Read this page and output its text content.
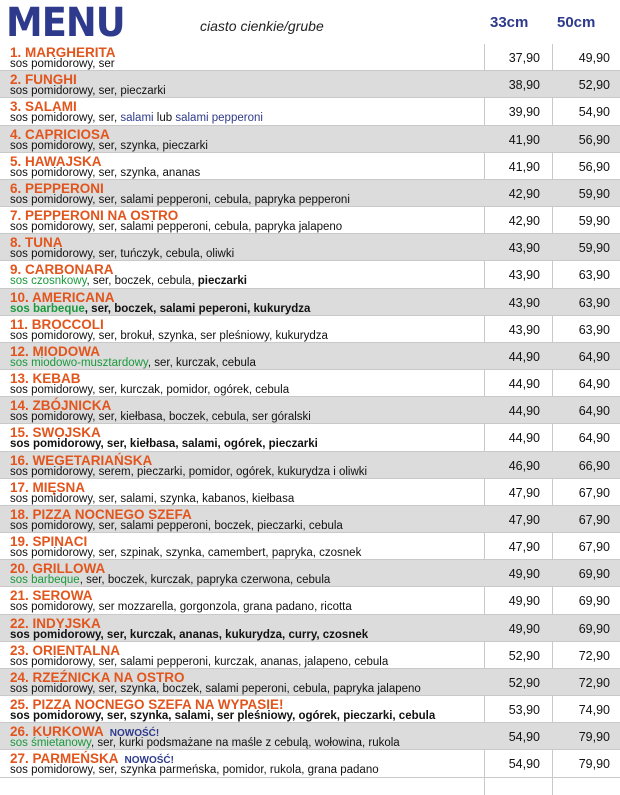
MENU	ciasto cienkie/grube	33cm 50cm
1. MARGHERITA
sos pomidorowy, ser	37,90	49,90
2. FUNGHI
sos pomidorowy, ser, pieczarki	38,90	52,90
3. SALAMI
sos pomidorowy, ser, salami lub salami pepperoni	39,90	54,90
4. CAPRICIOSA
sos pomidorowy, ser, szynka, pieczarki	41,90	56,90
5. HAWAJSKA
sos pomidorowy, ser, szynka, ananas	41,90	56,90
6. PEPPERONI
sos pomidorowy, ser, salami pepperoni, cebula, papryka pepperoni	42,90	59,90
7. PEPPERONI NA OSTRO
sos pomidorowy, ser, salami pepperoni, cebula, papryka jalapeno	42,90	59,90
8. TUNA
sos pomidorowy, ser, tuńczyk, cebula, oliwki	43,90	59,90
9. CARBONARA
sos czosnkowy, ser, boczek, cebula, pieczarki	43,90	63,90
10. AMERICANA
sos barbeque, ser, boczek, salami peperoni, kukurydza	43,90	63,90
11. BROCCOLI
sos pomidorowy, ser, brokuł, szynka, ser pleśniowy, kukurydza	43,90	63,90
12. MIODOWA
sos miodowo-musztardowy, ser, kurczak, cebula	44,90	64,90
13. KEBAB
sos pomidorowy, ser, kurczak, pomidor, ogórek, cebula	44,90	64,90
14. ZBÓJNICKA
sos pomidorowy, ser, kiełbasa, boczek, cebula, ser góralski	44,90	64,90
15. SWOJSKA
sos pomidorowy, ser, kiełbasa, salami, ogórek, pieczarki	44,90	64,90
16. WEGETARIAŃSKA
sos pomidorowy, serem, pieczarki, pomidor, ogórek, kukurydza i oliwki	46,90	66,90
17. MIĘSNA
sos pomidorowy, ser, salami, szynka, kabanos, kiełbasa	47,90	67,90
18. PIZZA NOCNEGO SZEFA
sos pomidorowy, ser, salami pepperoni, boczek, pieczarki, cebula	47,90	67,90
19. SPINACI
sos pomidorowy, ser, szpinak, szynka, camembert, papryka, czosnek	47,90	67,90
20. GRILLOWA
sos barbeque, ser, boczek, kurczak, papryka czerwona, cebula	49,90	69,90
21. SEROWA
sos pomidorowy, ser mozzarella, gorgonzola, grana padano, ricotta	49,90	69,90
22. INDYJSKA
sos pomidorowy, ser, kurczak, ananas, kukurydza, curry, czosnek	49,90	69,90
23. ORIENTALNA
sos pomidorowy, ser, salami pepperoni, kurczak, ananas, jalapeno, cebula	52,90	72,90
24. RZEŹNICKA NA OSTRO
sos pomidorowy, ser, szynka, boczek, salami peperoni, cebula, papryka jalapeno	52,90	72,90
25. PIZZA NOCNEGO SZEFA NA WYPASIE!
sos pomidorowy, ser, szynka, salami, ser pleśniowy, ogórek, pieczarki, cebula	53,90	74,90
26. KURKOWA NOWOŚĆ!
sos śmietanowy, ser, kurki podsmażane na maśle z cebulą, wołowina, rukola	54,90	79,90
27. PARMEŃSKA NOWOŚĆ!
sos pomidorowy, ser, szynka parmeńska, pomidor, rukola, grana padano	54,90	79,90
